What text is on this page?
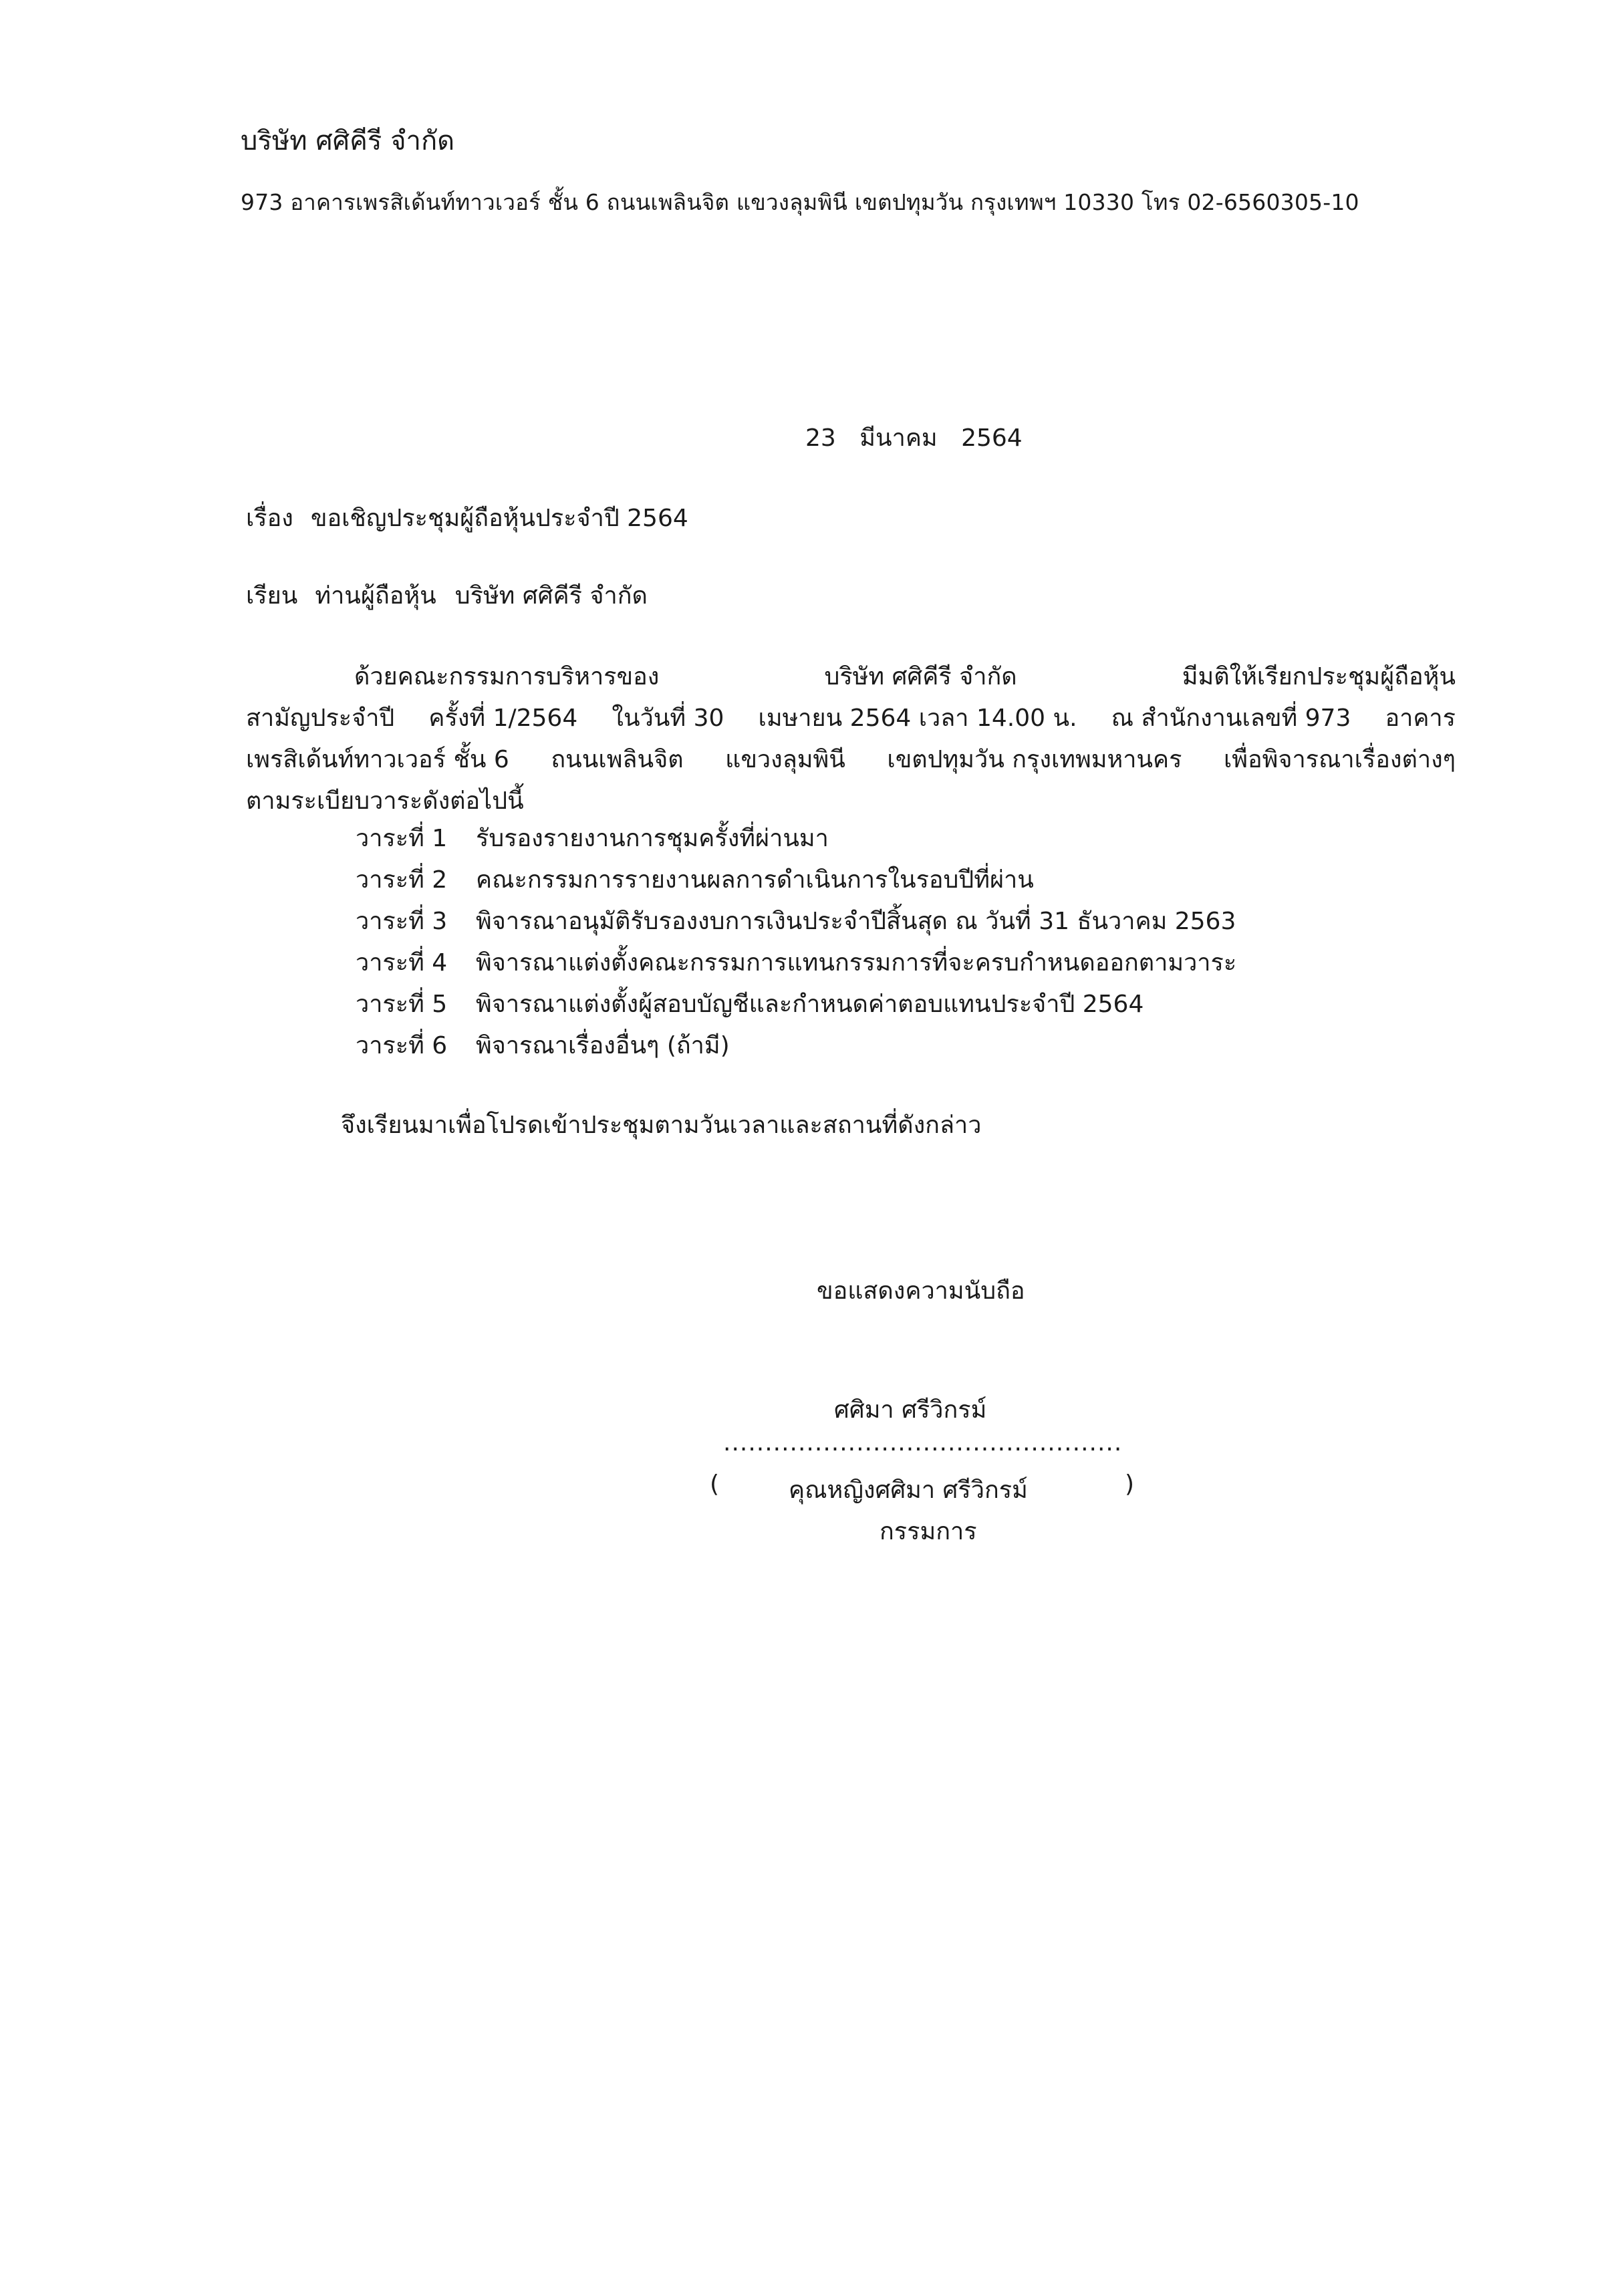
บริษัท ศศิคีรี จำกัด
973 อาคารเพรสิเด้นท์ทาวเวอร์ ชั้น 6 ถนนเพลินจิต แขวงลุมพินี เขตปทุมวัน กรุงเทพฯ 10330 โทร 02-6560305-10
23 มีนาคม 2564
เรื่อง ขอเชิญประชุมผู้ถือหุ้นประจำปี 2564
เรียน ท่านผู้ถือหุ้น บริษัท ศศิคีรี จำกัด
ด้วยคณะกรรมการบริหารของ	บริษัท ศศิคีรี จำกัด	มีมติให้เรียกประชุมผู้ถือหุ้น
สามัญประจำปี ครั้งที่ 1/2564 ในวันที่ 30 เมษายน 2564 เวลา 14.00 น. ณ สำนักงานเลขที่ 973 อาคาร
เพรสิเด้นท์ทาวเวอร์ ชั้น 6 ถนนเพลินจิต แขวงลุมพินี เขตปทุมวัน กรุงเทพมหานคร เพื่อพิจารณาเรื่องต่างๆ
ตามระเบียบวาระดังต่อไปนี้
วาระที่ 1	รับรองรายงานการชุมครั้งที่ผ่านมา
วาระที่ 2	คณะกรรมการรายงานผลการดำเนินการในรอบปีที่ผ่าน
วาระที่ 3	พิจารณาอนุมัติรับรองงบการเงินประจำปีสิ้นสุด ณ วันที่ 31 ธันวาคม 2563
วาระที่ 4	พิจารณาแต่งตั้งคณะกรรมการแทนกรรมการที่จะครบกำหนดออกตามวาระ
วาระที่ 5	พิจารณาแต่งตั้งผู้สอบบัญชีและกำหนดค่าตอบแทนประจำปี 2564
วาระที่ 6	พิจารณาเรื่องอื่นๆ (ถ้ามี)
จึงเรียนมาเพื่อโปรดเข้าประชุมตามวันเวลาและสถานที่ดังกล่าว
ขอแสดงความนับถือ
ศศิมา ศรีวิกรม์
................................................
(	คุณหญิงศศิมา ศรีวิกรม์	)
กรรมการ
